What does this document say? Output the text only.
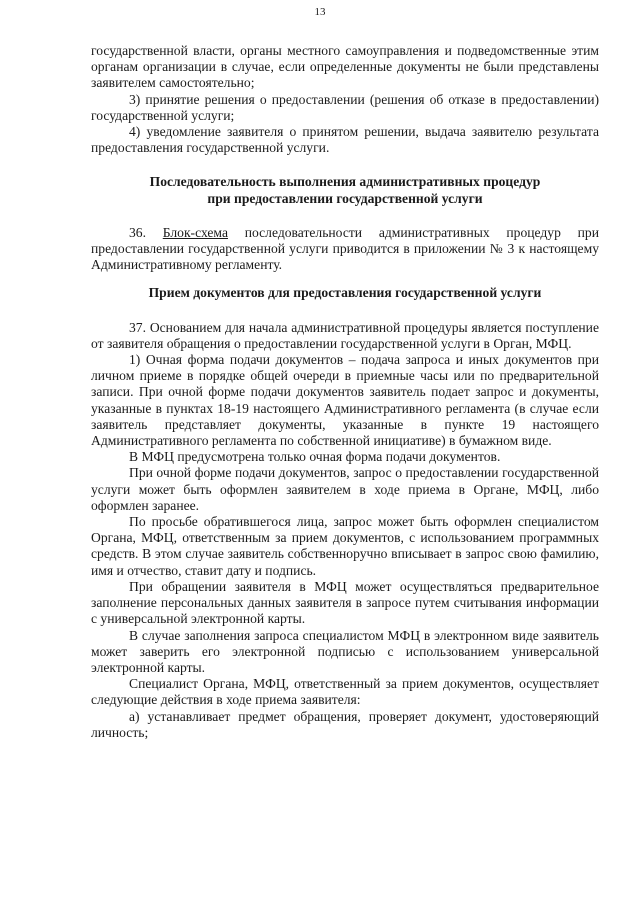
13

государственной власти, органы местного самоуправления и подведомственные этим органам организации в случае, если определенные документы не были представлены заявителем самостоятельно;

3) принятие решения о предоставлении (решения об отказе в предоставлении) государственной услуги;

4) уведомление заявителя о принятом решении, выдача заявителю результата предоставления государственной услуги.

Последовательность выполнения административных процедур
при предоставлении государственной услуги

36. Блок-схема последовательности административных процедур при предоставлении государственной услуги приводится в приложении № 3 к настоящему Административному регламенту.

Прием документов для предоставления государственной услуги

37. Основанием для начала административной процедуры является поступление от заявителя обращения о предоставлении государственной услуги в Орган, МФЦ.

1) Очная форма подачи документов – подача запроса и иных документов при личном приеме в порядке общей очереди в приемные часы или по предварительной записи. При очной форме подачи документов заявитель подает запрос и документы, указанные в пунктах 18-19 настоящего Административного регламента (в случае если заявитель представляет документы, указанные в пункте 19 настоящего Административного регламента по собственной инициативе) в бумажном виде.

В МФЦ предусмотрена только очная форма подачи документов.

При очной форме подачи документов, запрос о предоставлении государственной услуги может быть оформлен заявителем в ходе приема в Органе, МФЦ, либо оформлен заранее.

По просьбе обратившегося лица, запрос может быть оформлен специалистом Органа, МФЦ, ответственным за прием документов, с использованием программных средств. В этом случае заявитель собственноручно вписывает в запрос свою фамилию, имя и отчество, ставит дату и подпись.

При обращении заявителя в МФЦ может осуществляться предварительное заполнение персональных данных заявителя в запросе путем считывания информации с универсальной электронной карты.

В случае заполнения запроса специалистом МФЦ в электронном виде заявитель может заверить его электронной подписью с использованием универсальной электронной карты.

Специалист Органа, МФЦ, ответственный за прием документов, осуществляет следующие действия в ходе приема заявителя:

а) устанавливает предмет обращения, проверяет документ, удостоверяющий личность;
